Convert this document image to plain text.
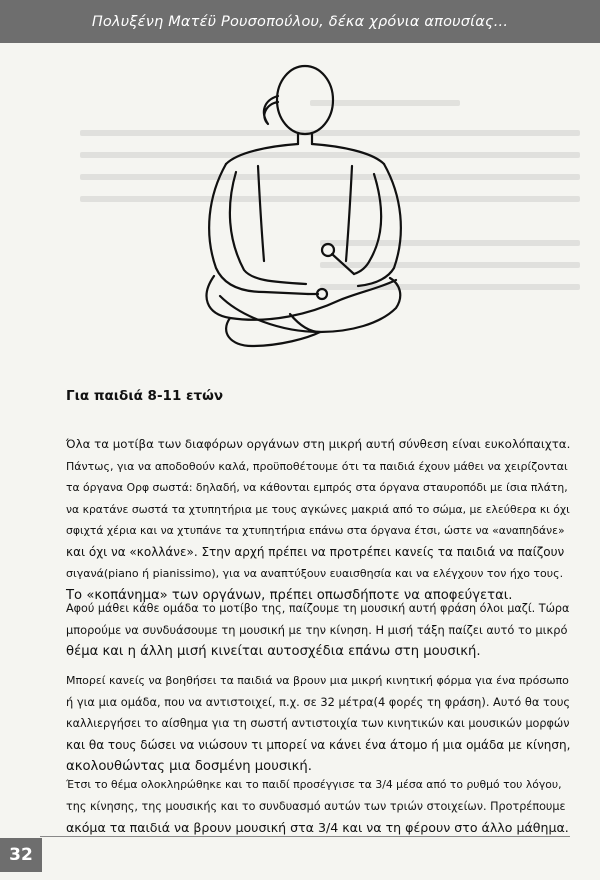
Πολυξένη Ματέϋ Ρουσοπούλου, δέκα χρόνια απουσίας...
Για παιδιά 8-11 ετών

Όλα τα μοτίβα των διαφόρων οργάνων στη μικρή αυτή σύνθεση είναι ευκολόπαιχτα.
Πάντως, για να αποδοθούν καλά, προϋποθέτουμε ότι τα παιδιά έχουν μάθει να χειρίζονται
τα όργανα Ορφ σωστά: δηλαδή, να κάθονται εμπρός στα όργανα σταυροπόδι με ίσια πλάτη,
να κρατάνε σωστά τα χτυπητήρια με τους αγκώνες μακριά από το σώμα, με ελεύθερα κι όχι
σφιχτά χέρια και να χτυπάνε τα χτυπητήρια επάνω στα όργανα έτσι, ώστε να «αναπηδάνε»
και όχι να «κολλάνε». Στην αρχή πρέπει να προτρέπει κανείς τα παιδιά να παίζουν
σιγανά(piano ή pianissimo), για να αναπτύξουν ευαισθησία και να ελέγχουν τον ήχο τους.
Το «κοπάνημα» των οργάνων, πρέπει οπωσδήποτε να αποφεύγεται.

Αφού μάθει κάθε ομάδα το μοτίβο της, παίζουμε τη μουσική αυτή φράση όλοι μαζί. Τώρα
μπορούμε να συνδυάσουμε τη μουσική με την κίνηση. Η μισή τάξη παίζει αυτό το μικρό
θέμα και η άλλη μισή κινείται αυτοσχέδια επάνω στη μουσική.

Μπορεί κανείς να βοηθήσει τα παιδιά να βρουν μια μικρή κινητική φόρμα για ένα πρόσωπο
ή για μια ομάδα, που να αντιστοιχεί, π.χ. σε 32 μέτρα(4 φορές τη φράση). Αυτό θα τους
καλλιεργήσει το αίσθημα για τη σωστή αντιστοιχία των κινητικών και μουσικών μορφών
και θα τους δώσει να νιώσουν τι μπορεί να κάνει ένα άτομο ή μια ομάδα με κίνηση,
ακολουθώντας μια δοσμένη μουσική.

Έτσι το θέμα ολοκληρώθηκε και το παιδί προσέγγισε τα 3/4 μέσα από το ρυθμό του λόγου,
της κίνησης, της μουσικής και το συνδυασμό αυτών των τριών στοιχείων. Προτρέπουμε
ακόμα τα παιδιά να βρουν μουσική στα 3/4 και να τη φέρουν στο άλλο μάθημα.

32
